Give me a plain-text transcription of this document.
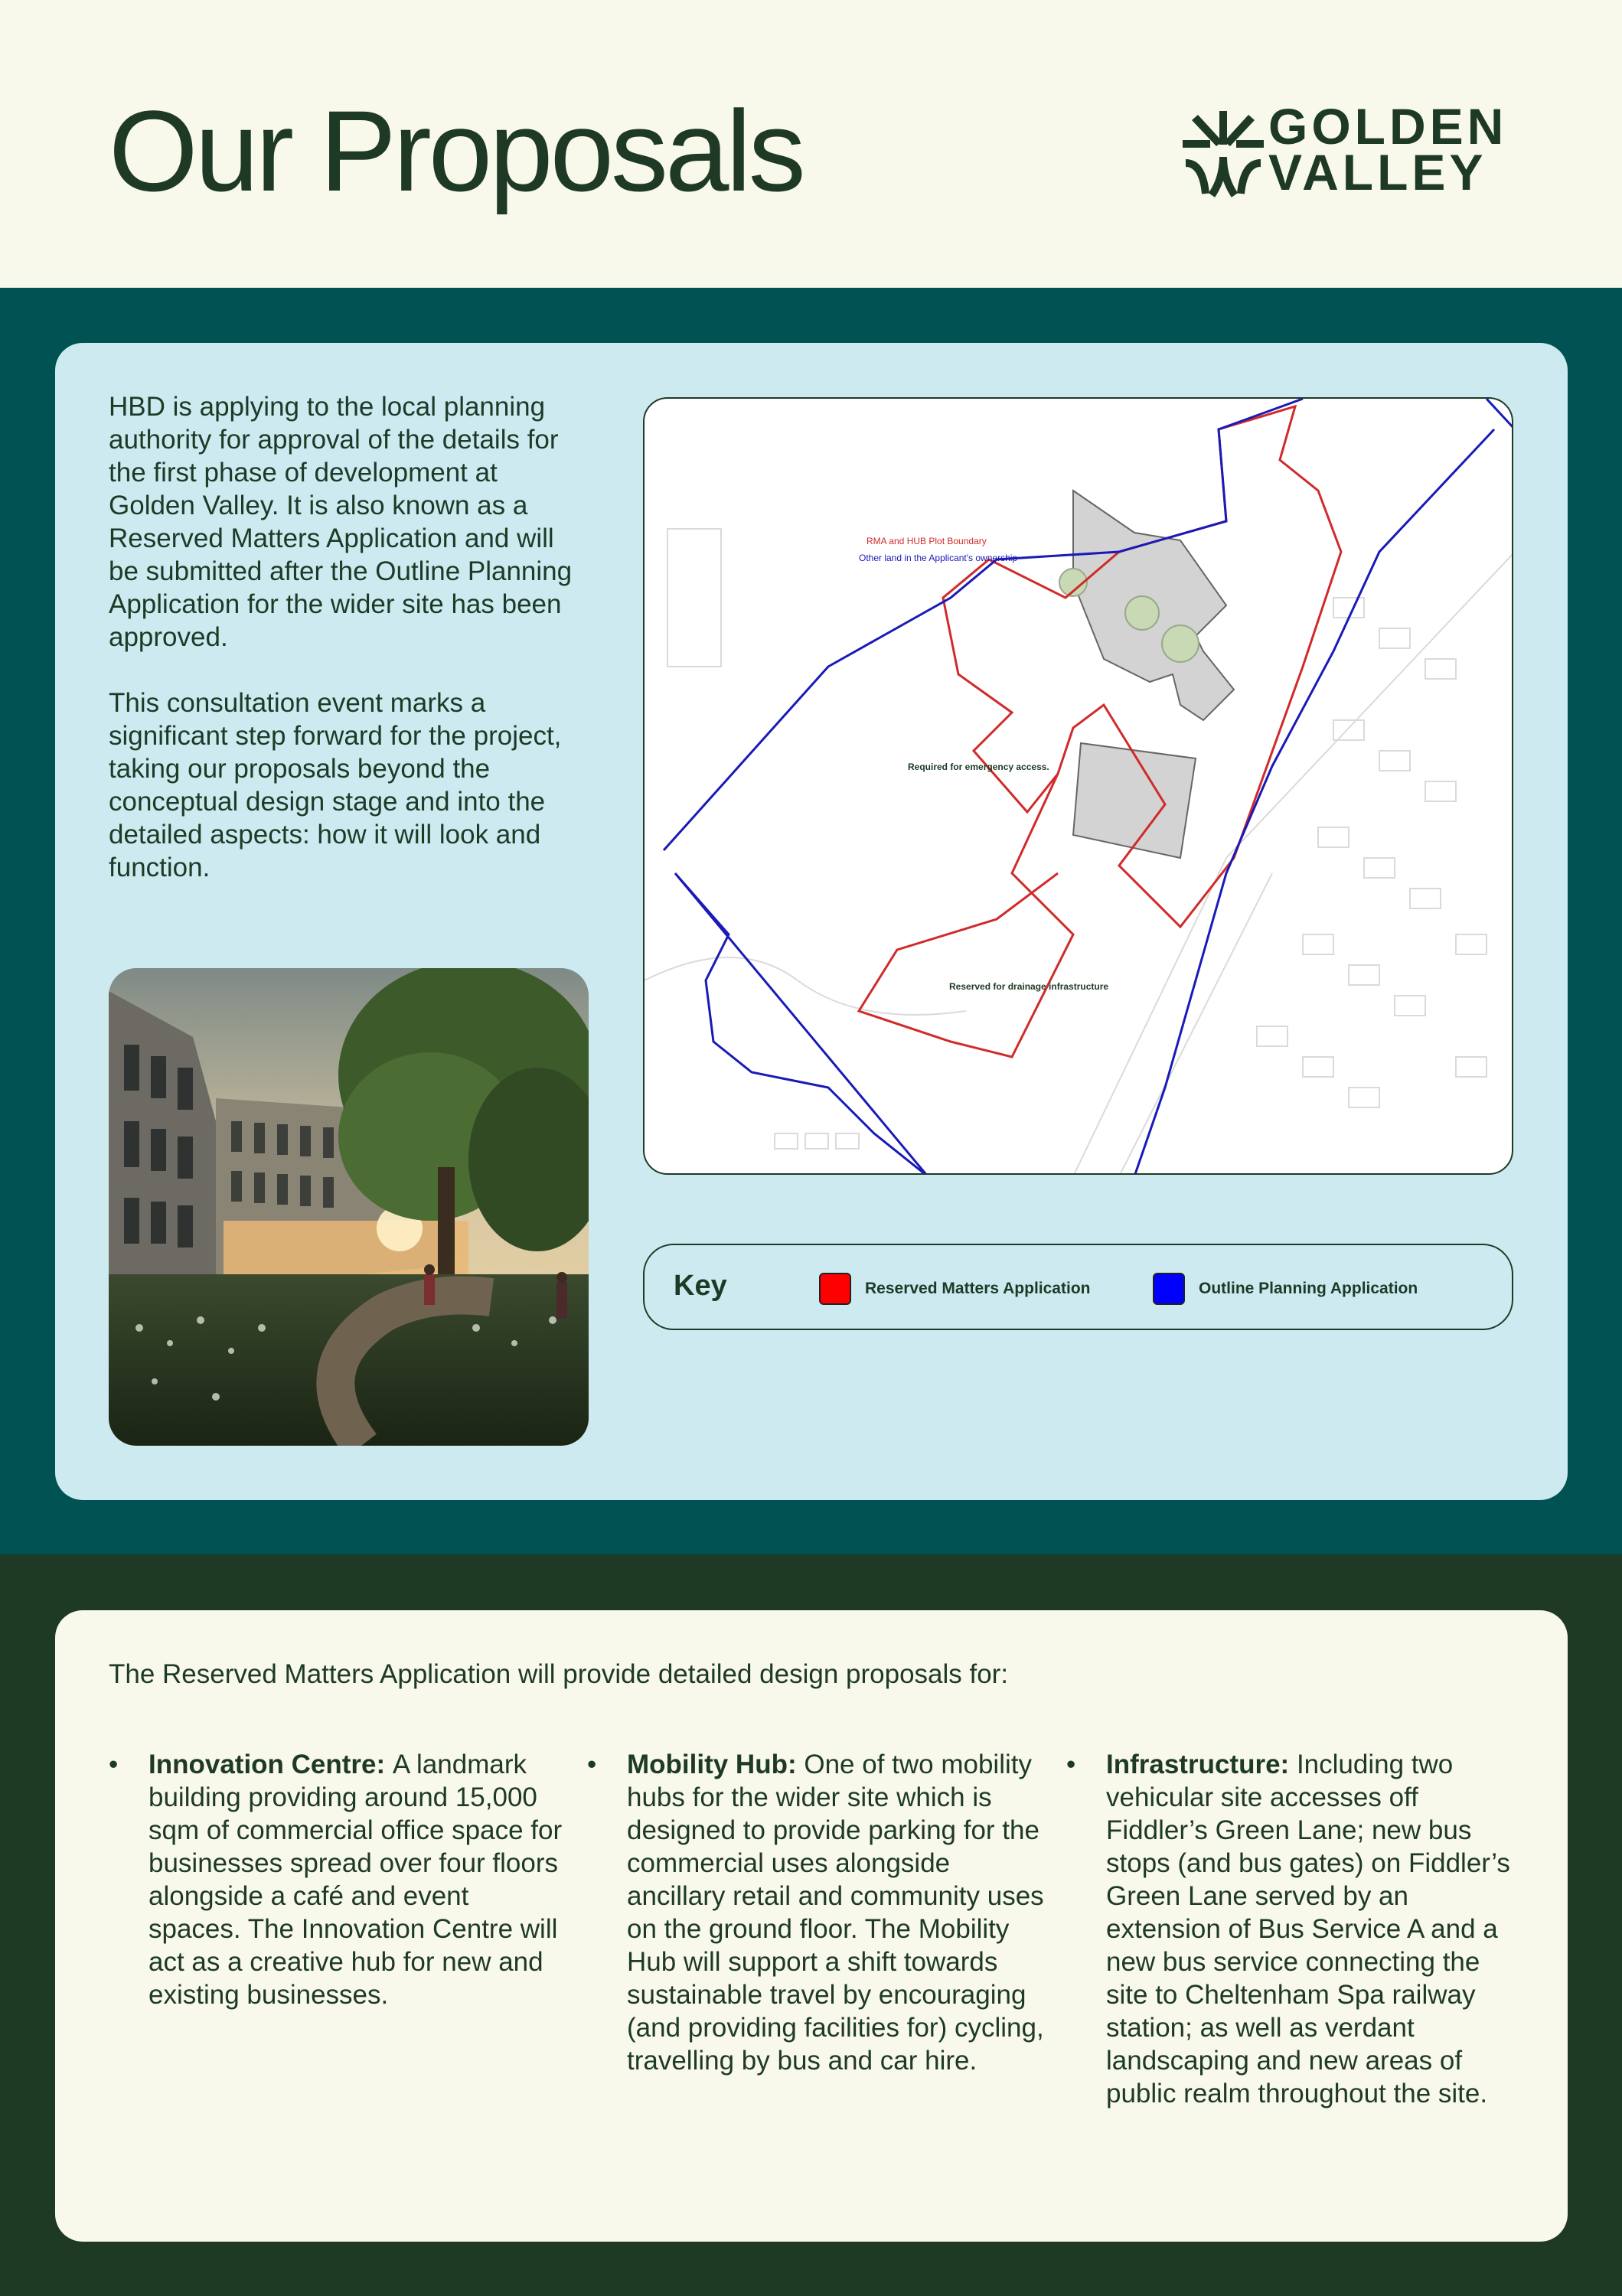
Our Proposals	GOLDEN
VALLEY

HBD is applying to the local planning authority for approval of the details for the first phase of development at Golden Valley. It is also known as a Reserved Matters Application and will be submitted after the Outline Planning Application for the wider site has been approved.

This consultation event marks a significant step forward for the project, taking our proposals beyond the conceptual design stage and into the detailed aspects: how it will look and function.

RMA and HUB Plot Boundary
Other land in the Applicant's ownership
Required for emergency access.
Reserved for drainage infrastructure
Key	Reserved Matters Application	Outline Planning Application
The Reserved Matters Application will provide detailed design proposals for:
• Innovation Centre: A landmark building providing around 15,000 sqm of commercial office space for businesses spread over four floors alongside a café and event spaces. The Innovation Centre will act as a creative hub for new and existing businesses.
• Mobility Hub: One of two mobility hubs for the wider site which is designed to provide parking for the commercial uses alongside ancillary retail and community uses on the ground floor. The Mobility Hub will support a shift towards sustainable travel by encouraging (and providing facilities for) cycling, travelling by bus and car hire.
• Infrastructure: Including two vehicular site accesses off Fiddler’s Green Lane; new bus stops (and bus gates) on Fiddler’s Green Lane served by an extension of Bus Service A and a new bus service connecting the site to Cheltenham Spa railway station; as well as verdant landscaping and new areas of public realm throughout the site.
